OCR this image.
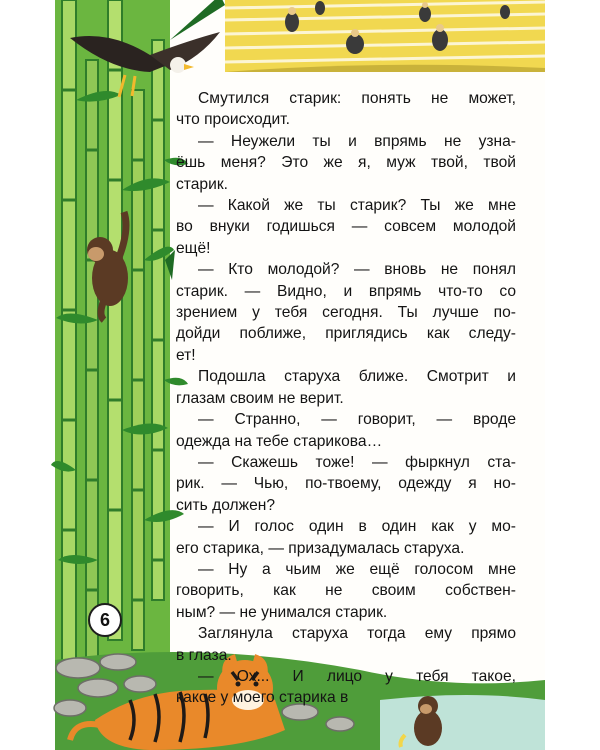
6

Смутился старик: понять не может,

что происходит.

— Неужели ты и впрямь не узна-

ёшь меня? Это же я, муж твой, твой

старик.

— Какой же ты старик? Ты же мне

во внуки годишься — совсем молодой

ещё!

— Кто молодой? — вновь не понял

старик. — Видно, и впрямь что-то со

зрением у тебя сегодня. Ты лучше по-

дойди поближе, приглядись как следу-

ет!

Подошла старуха ближе. Смотрит и

глазам своим не верит.

— Странно, — говорит, — вроде

одежда на тебе старикова…

— Скажешь тоже! — фыркнул ста-

рик. — Чью, по-твоему, одежду я но-

сить должен?

— И голос один в один как у мо-

его старика, — призадумалась старуха.

— Ну а чьим же ещё голосом мне

говорить, как не своим собствен-

ным? — не унимался старик.

Заглянула старуха тогда ему прямо

в глаза.

— Ох... И лицо у тебя такое,

какое у моего старика в
